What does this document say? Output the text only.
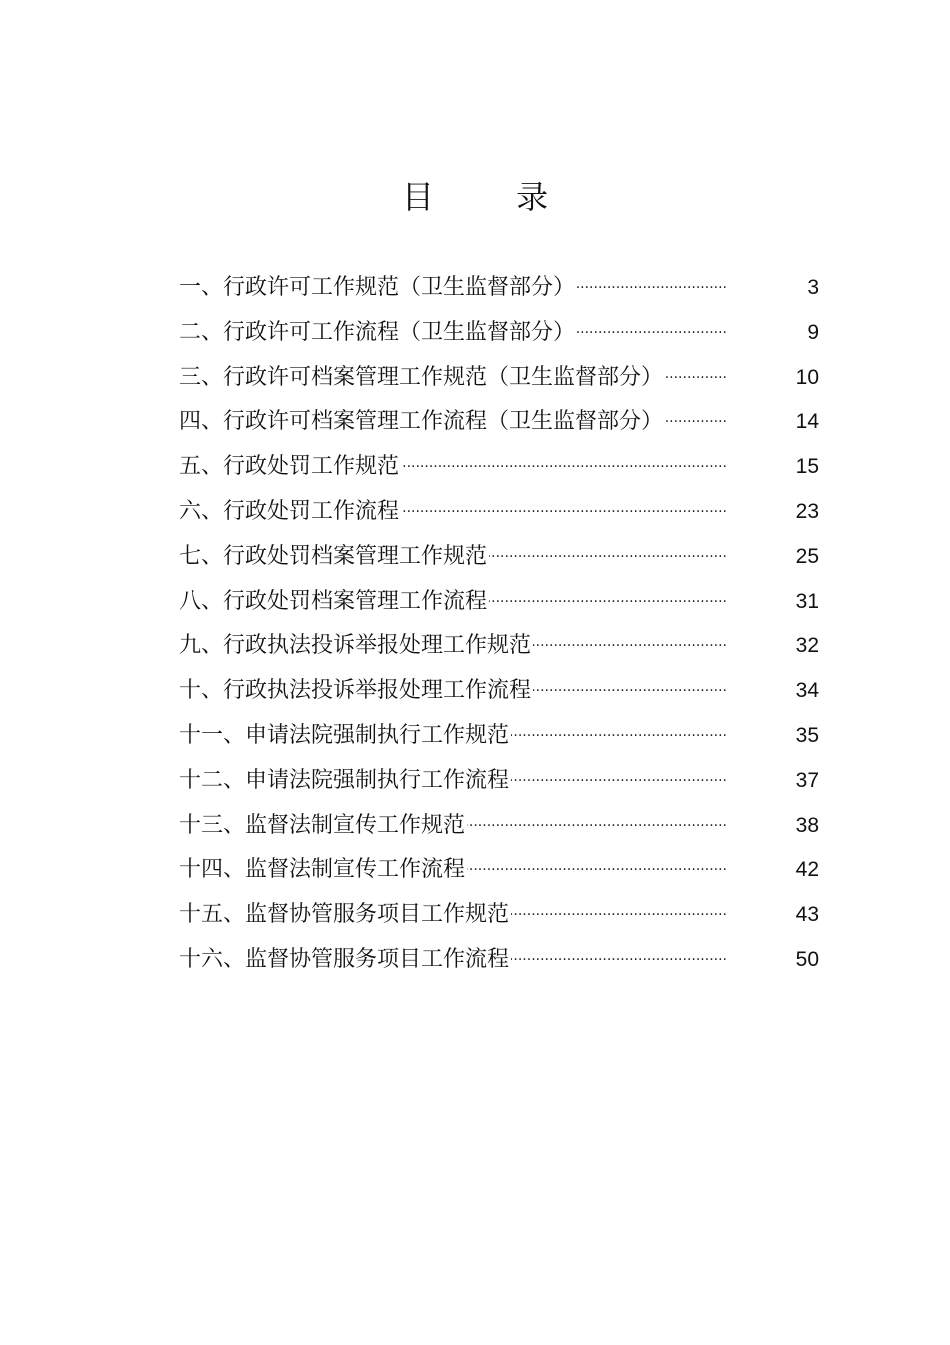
目 录
一、行政许可工作规范（卫生监督部分） ·····	3
二、行政许可工作流程（卫生监督部分） ·····	9
三、行政许可档案管理工作规范（卫生监督部分） ·····	10
四、行政许可档案管理工作流程（卫生监督部分） ·····	14
五、行政处罚工作规范 ·····	15
六、行政处罚工作流程 ·····	23
七、行政处罚档案管理工作规范 ·····	25
八、行政处罚档案管理工作流程 ·····	31
九、行政执法投诉举报处理工作规范 ·····	32
十、行政执法投诉举报处理工作流程 ·····	34
十一、申请法院强制执行工作规范 ·····	35
十二、申请法院强制执行工作流程 ·····	37
十三、监督法制宣传工作规范 ·····	38
十四、监督法制宣传工作流程 ·····	42
十五、监督协管服务项目工作规范 ·····	43
十六、监督协管服务项目工作流程 ·····	50
